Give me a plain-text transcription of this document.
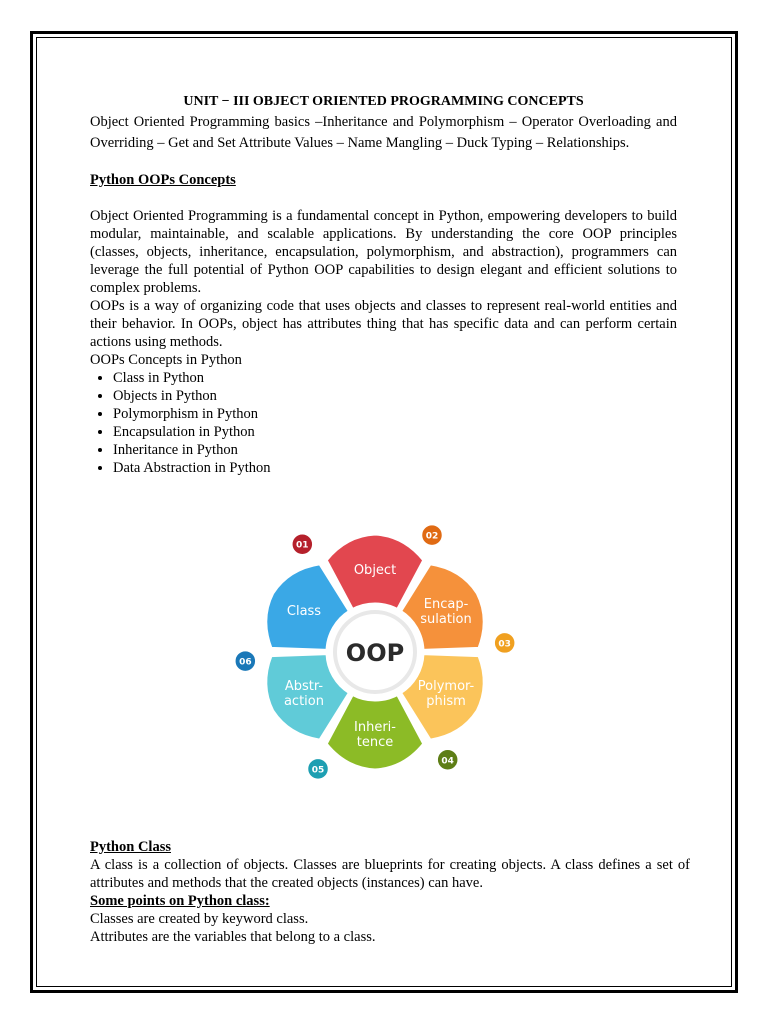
UNIT − III OBJECT ORIENTED PROGRAMMING CONCEPTS

Object Oriented Programming basics –Inheritance and Polymorphism – Operator Overloading and Overriding – Get and Set Attribute Values – Name Mangling – Duck Typing – Relationships.

Python OOPs Concepts

Object Oriented Programming is a fundamental concept in Python, empowering developers to build modular, maintainable, and scalable applications. By understanding the core OOP principles (classes, objects, inheritance, encapsulation, polymorphism, and abstraction), programmers can leverage the full potential of Python OOP capabilities to design elegant and efficient solutions to complex problems.

OOPs is a way of organizing code that uses objects and classes to represent real-world entities and their behavior. In OOPs, object has attributes thing that has specific data and can perform certain actions using methods.

OOPs Concepts in Python

• Class in Python
• Objects in Python
• Polymorphism in Python
• Encapsulation in Python
• Inheritance in Python
• Data Abstraction in Python
Object
01
Encap-
sulation
02
Polymor-
phism
03
Inheri-
tence
04
Abstr-
action
05
Class
06	OOP

Python Class

A class is a collection of objects. Classes are blueprints for creating objects. A class defines a set of attributes and methods that the created objects (instances) can have.

Some points on Python class:

Classes are created by keyword class.

Attributes are the variables that belong to a class.
